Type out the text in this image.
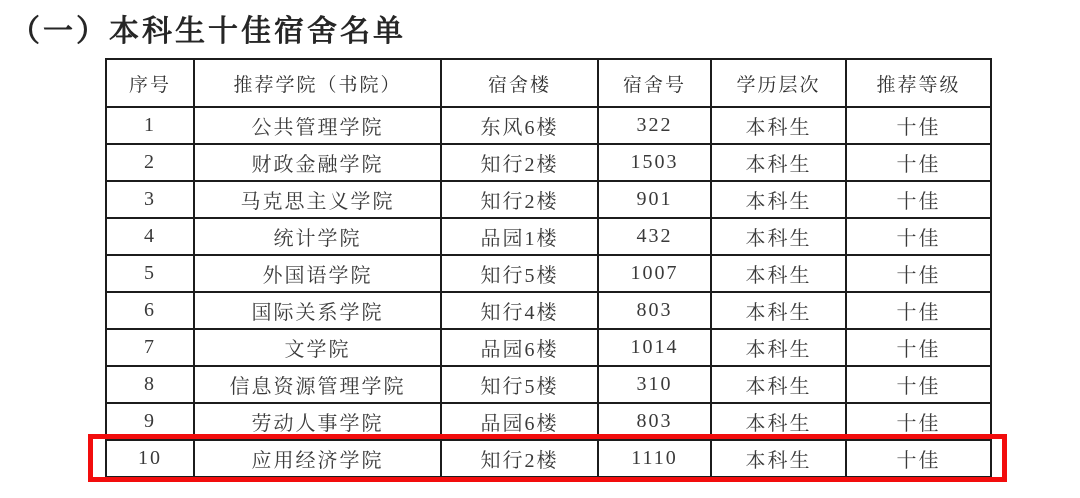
（一）本科生十佳宿舍名单
序号	推荐学院（书院）	宿舍楼	宿舍号	学历层次	推荐等级
1	公共管理学院	东风6楼	322	本科生	十佳
2	财政金融学院	知行2楼	1503	本科生	十佳
3	马克思主义学院	知行2楼	901	本科生	十佳
4	统计学院	品园1楼	432	本科生	十佳
5	外国语学院	知行5楼	1007	本科生	十佳
6	国际关系学院	知行4楼	803	本科生	十佳
7	文学院	品园6楼	1014	本科生	十佳
8	信息资源管理学院	知行5楼	310	本科生	十佳
9	劳动人事学院	品园6楼	803	本科生	十佳
10	应用经济学院	知行2楼	1110	本科生	十佳
